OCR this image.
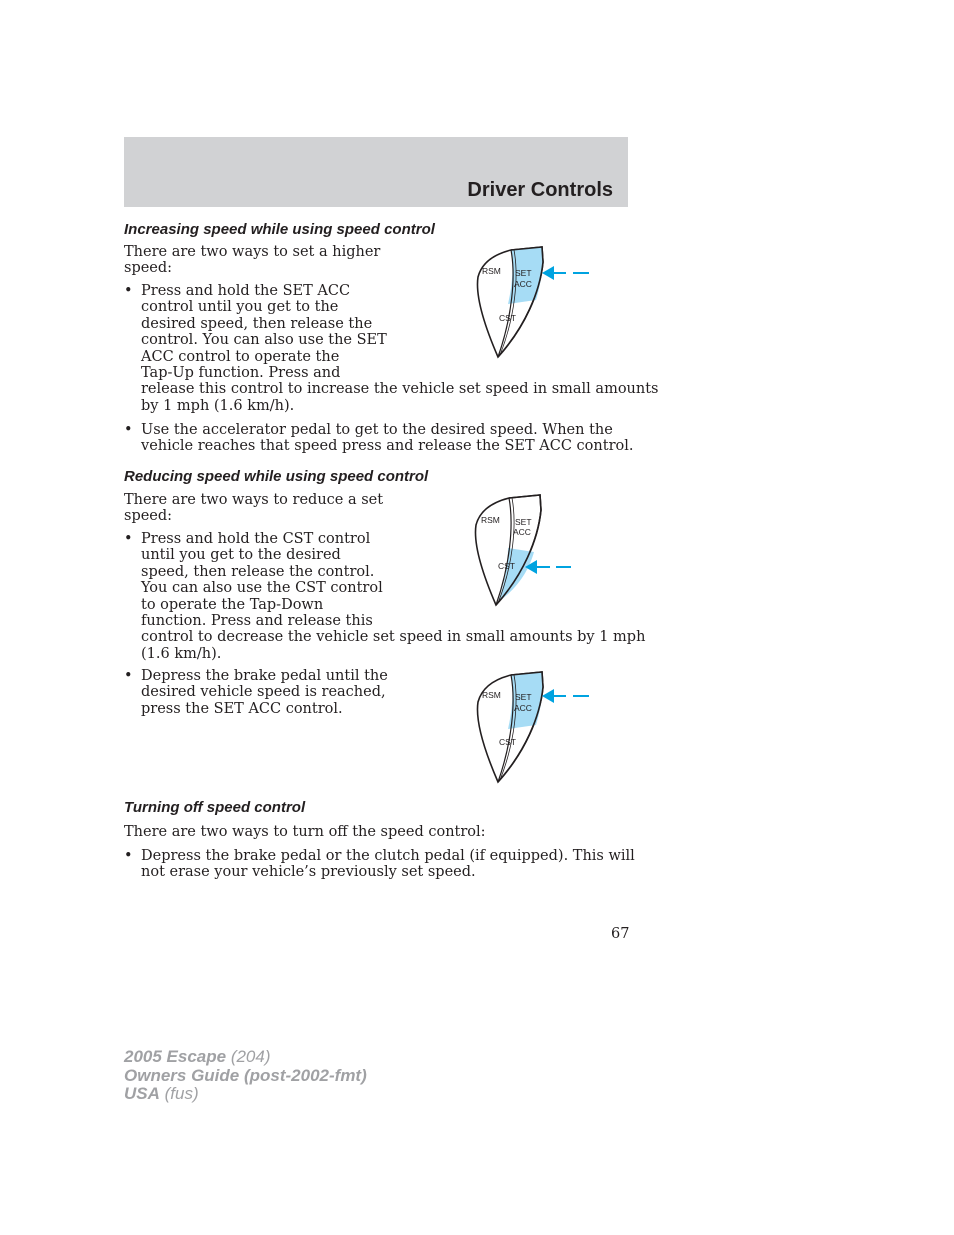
Driver Controls
Increasing speed while using speed control
There are two ways to set a higher
speed:
• Press and hold the SET ACC
control until you get to the
desired speed, then release the
control. You can also use the SET
ACC control to operate the
Tap-Up function. Press and
release this control to increase the vehicle set speed in small amounts
by 1 mph (1.6 km/h).
• Use the accelerator pedal to get to the desired speed. When the
vehicle reaches that speed press and release the SET ACC control.
RSM SET
ACC
CST
Reducing speed while using speed control
There are two ways to reduce a set
speed:
• Press and hold the CST control
until you get to the desired
speed, then release the control.
You can also use the CST control
to operate the Tap-Down
function. Press and release this
control to decrease the vehicle set speed in small amounts by 1 mph
(1.6 km/h).
RSM SET
ACC
CST
• Depress the brake pedal until the
desired vehicle speed is reached,
press the SET ACC control.
RSM SET
ACC
CST
Turning off speed control
There are two ways to turn off the speed control:
• Depress the brake pedal or the clutch pedal (if equipped). This will
not erase your vehicle’s previously set speed.
67
2005 Escape (204)
Owners Guide (post-2002-fmt)
USA (fus)
